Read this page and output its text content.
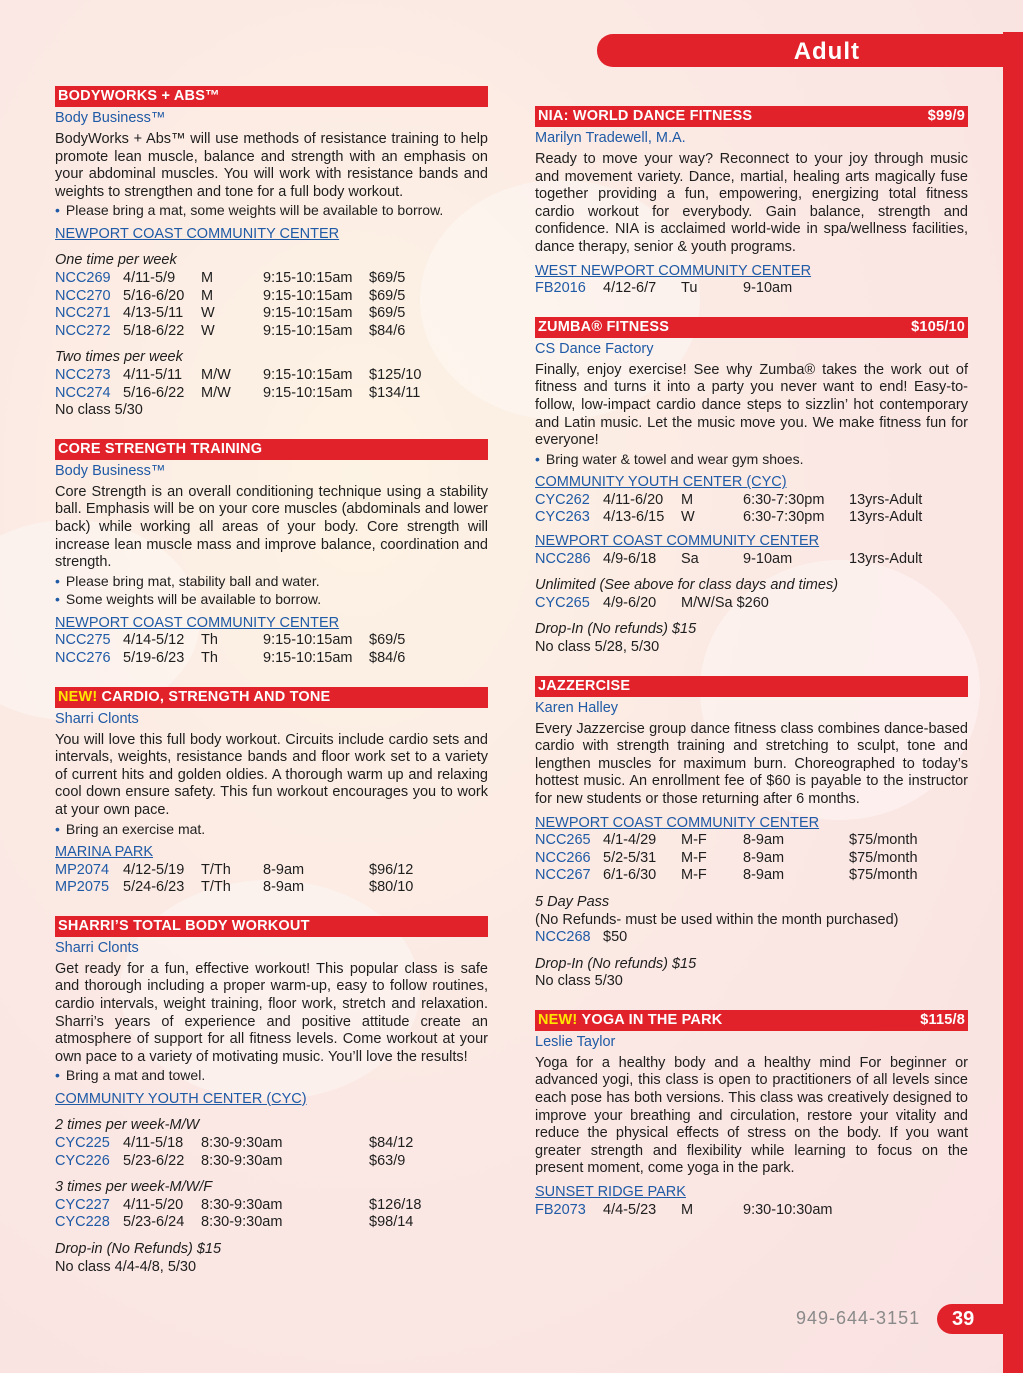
Adult
BODYWORKS + ABS™
Body Business™
BodyWorks + Abs™ will use methods of resistance training to help promote lean muscle, balance and strength with an emphasis on your abdominal muscles. You will work with resistance bands and weights to strengthen and tone for a full body workout.
• Please bring a mat, some weights will be available to borrow.
NEWPORT COAST COMMUNITY CENTER
One time per week
NCC269 4/11-5/9	M	9:15-10:15am	$69/5
NCC270 5/16-6/20	M	9:15-10:15am	$69/5
NCC271 4/13-5/11	W	9:15-10:15am	$69/5
NCC272 5/18-6/22	W	9:15-10:15am	$84/6
Two times per week
NCC273 4/11-5/11	M/W	9:15-10:15am	$125/10
NCC274 5/16-6/22	M/W	9:15-10:15am	$134/11
No class 5/30
CORE STRENGTH TRAINING
Body Business™
Core Strength is an overall conditioning technique using a stability ball. Emphasis will be on your core muscles (abdominals and lower back) while working all areas of your body. Core strength will increase lean muscle mass and improve balance, coordination and strength.
• Please bring mat, stability ball and water.
• Some weights will be available to borrow.
NEWPORT COAST COMMUNITY CENTER
NCC275 4/14-5/12	Th	9:15-10:15am	$69/5
NCC276 5/19-6/23	Th	9:15-10:15am	$84/6
NEW! CARDIO, STRENGTH AND TONE
Sharri Clonts
You will love this full body workout. Circuits include cardio sets and intervals, weights, resistance bands and floor work set to a variety of current hits and golden oldies. A thorough warm up and relaxing cool down ensure safety. This fun workout encourages you to work at your own pace.
• Bring an exercise mat.
MARINA PARK
MP2074 4/12-5/19	T/Th	8-9am	$96/12
MP2075 5/24-6/23	T/Th	8-9am	$80/10
SHARRI’S TOTAL BODY WORKOUT
Sharri Clonts
Get ready for a fun, effective workout! This popular class is safe and thorough including a proper warm-up, easy to follow routines, cardio intervals, weight training, floor work, stretch and relaxation. Sharri’s years of experience and positive attitude create an atmosphere of support for all fitness levels. Come workout at your own pace to a variety of motivating music. You’ll love the results!
• Bring a mat and towel.
COMMUNITY YOUTH CENTER (CYC)
2 times per week-M/W
CYC225 4/11-5/18	8:30-9:30am	$84/12
CYC226 5/23-6/22	8:30-9:30am	$63/9
3 times per week-M/W/F
CYC227 4/11-5/20	8:30-9:30am	$126/18
CYC228 5/23-6/24	8:30-9:30am	$98/14
Drop-in (No Refunds) $15
No class 4/4-4/8, 5/30
NIA: WORLD DANCE FITNESS	$99/9
Marilyn Tradewell, M.A.
Ready to move your way? Reconnect to your joy through music and movement variety. Dance, martial, healing arts magically fuse together providing a fun, empowering, energizing total fitness cardio workout for everybody. Gain balance, strength and confidence. NIA is acclaimed world-wide in spa/wellness facilities, dance therapy, senior & youth programs.
WEST NEWPORT COMMUNITY CENTER
FB2016	4/12-6/7	Tu	9-10am
ZUMBA® FITNESS	$105/10
CS Dance Factory
Finally, enjoy exercise! See why Zumba® takes the work out of fitness and turns it into a party you never want to end! Easy-to-follow, low-impact cardio dance steps to sizzlin’ hot contemporary and Latin music. Let the music move you. We make fitness fun for everyone!
• Bring water & towel and wear gym shoes.
COMMUNITY YOUTH CENTER (CYC)
CYC262 4/11-6/20	M	6:30-7:30pm	13yrs-Adult
CYC263 4/13-6/15	W	6:30-7:30pm	13yrs-Adult
NEWPORT COAST COMMUNITY CENTER
NCC286 4/9-6/18	Sa	9-10am	13yrs-Adult
Unlimited (See above for class days and times)
CYC265 4/9-6/20	M/W/Sa $260
Drop-In (No refunds) $15
No class 5/28, 5/30
JAZZERCISE
Karen Halley
Every Jazzercise group dance fitness class combines dance-based cardio with strength training and stretching to sculpt, tone and lengthen muscles for maximum burn. Choreographed to today’s hottest music. An enrollment fee of $60 is payable to the instructor for new students or those returning after 6 months.
NEWPORT COAST COMMUNITY CENTER
NCC265 4/1-4/29	M-F	8-9am	$75/month
NCC266 5/2-5/31	M-F	8-9am	$75/month
NCC267 6/1-6/30	M-F	8-9am	$75/month
5 Day Pass
(No Refunds- must be used within the month purchased)
NCC268 $50
Drop-In (No refunds) $15
No class 5/30
NEW! YOGA IN THE PARK	$115/8
Leslie Taylor
Yoga for a healthy body and a healthy mind For beginner or advanced yogi, this class is open to practitioners of all levels since each pose has both versions. This class was creatively designed to improve your breathing and circulation, restore your vitality and reduce the physical effects of stress on the body. If you want greater strength and flexibility while learning to focus on the present moment, come yoga in the park.
SUNSET RIDGE PARK
FB2073	4/4-5/23	M	9:30-10:30am
949-644-3151	39
